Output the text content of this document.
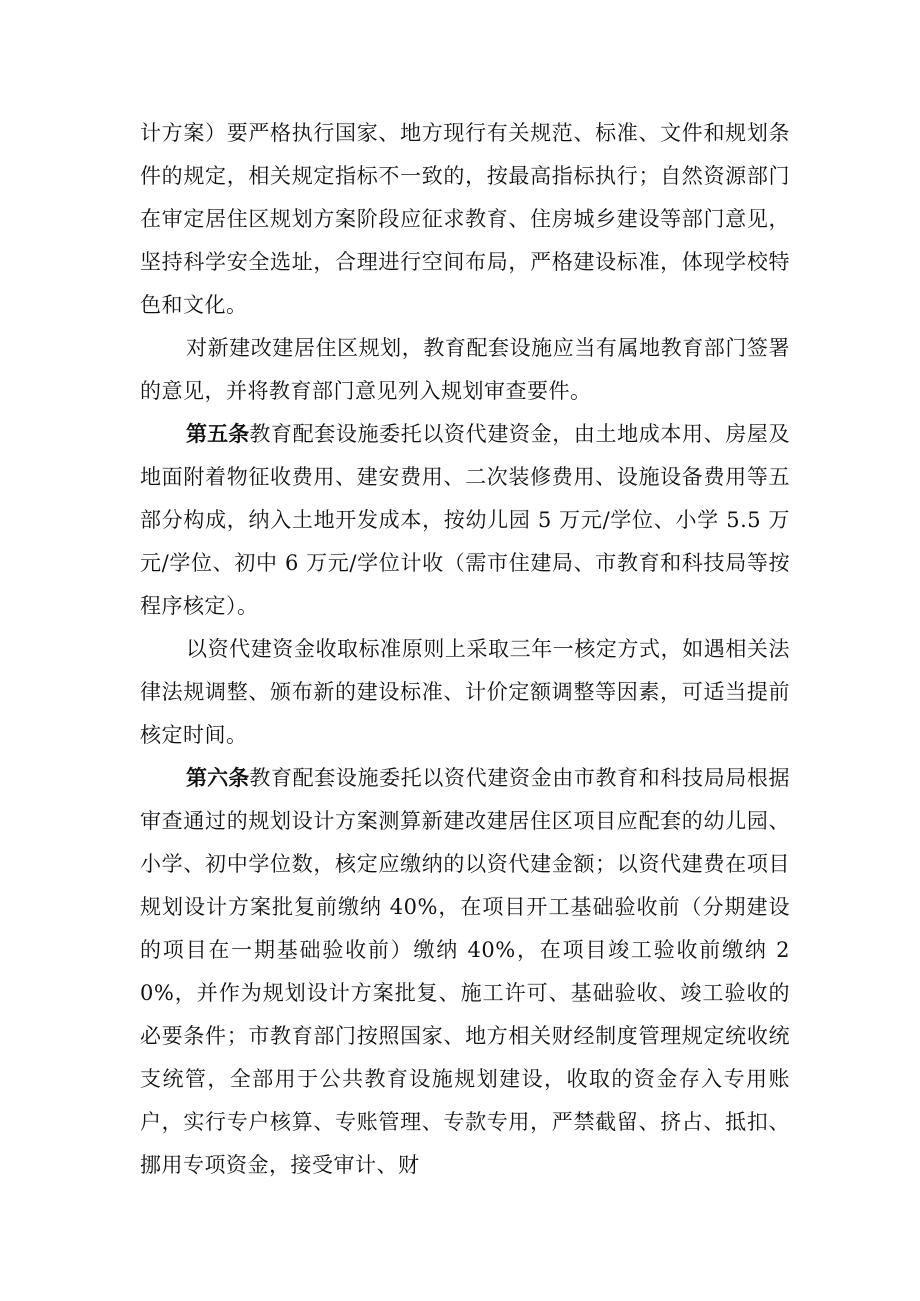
计方案）要严格执行国家、地方现行有关规范、标准、文件和规划条件的规定，相关规定指标不一致的，按最高指标执行；自然资源部门在审定居住区规划方案阶段应征求教育、住房城乡建设等部门意见，坚持科学安全选址，合理进行空间布局，严格建设标准，体现学校特色和文化。

对新建改建居住区规划，教育配套设施应当有属地教育部门签署的意见，并将教育部门意见列入规划审查要件。

第五条教育配套设施委托以资代建资金，由土地成本用、房屋及地面附着物征收费用、建安费用、二次装修费用、设施设备费用等五部分构成，纳入土地开发成本，按幼儿园 5 万元/学位、小学 5.5 万元/学位、初中 6 万元/学位计收（需市住建局、市教育和科技局等按程序核定）。

以资代建资金收取标准原则上采取三年一核定方式，如遇相关法律法规调整、颁布新的建设标准、计价定额调整等因素，可适当提前核定时间。

第六条教育配套设施委托以资代建资金由市教育和科技局局根据审查通过的规划设计方案测算新建改建居住区项目应配套的幼儿园、小学、初中学位数，核定应缴纳的以资代建金额；以资代建费在项目规划设计方案批复前缴纳 40%，在项目开工基础验收前（分期建设的项目在一期基础验收前）缴纳 40%，在项目竣工验收前缴纳 20%，并作为规划设计方案批复、施工许可、基础验收、竣工验收的必要条件；市教育部门按照国家、地方相关财经制度管理规定统收统支统管，全部用于公共教育设施规划建设，收取的资金存入专用账户，实行专户核算、专账管理、专款专用，严禁截留、挤占、抵扣、挪用专项资金，接受审计、财
